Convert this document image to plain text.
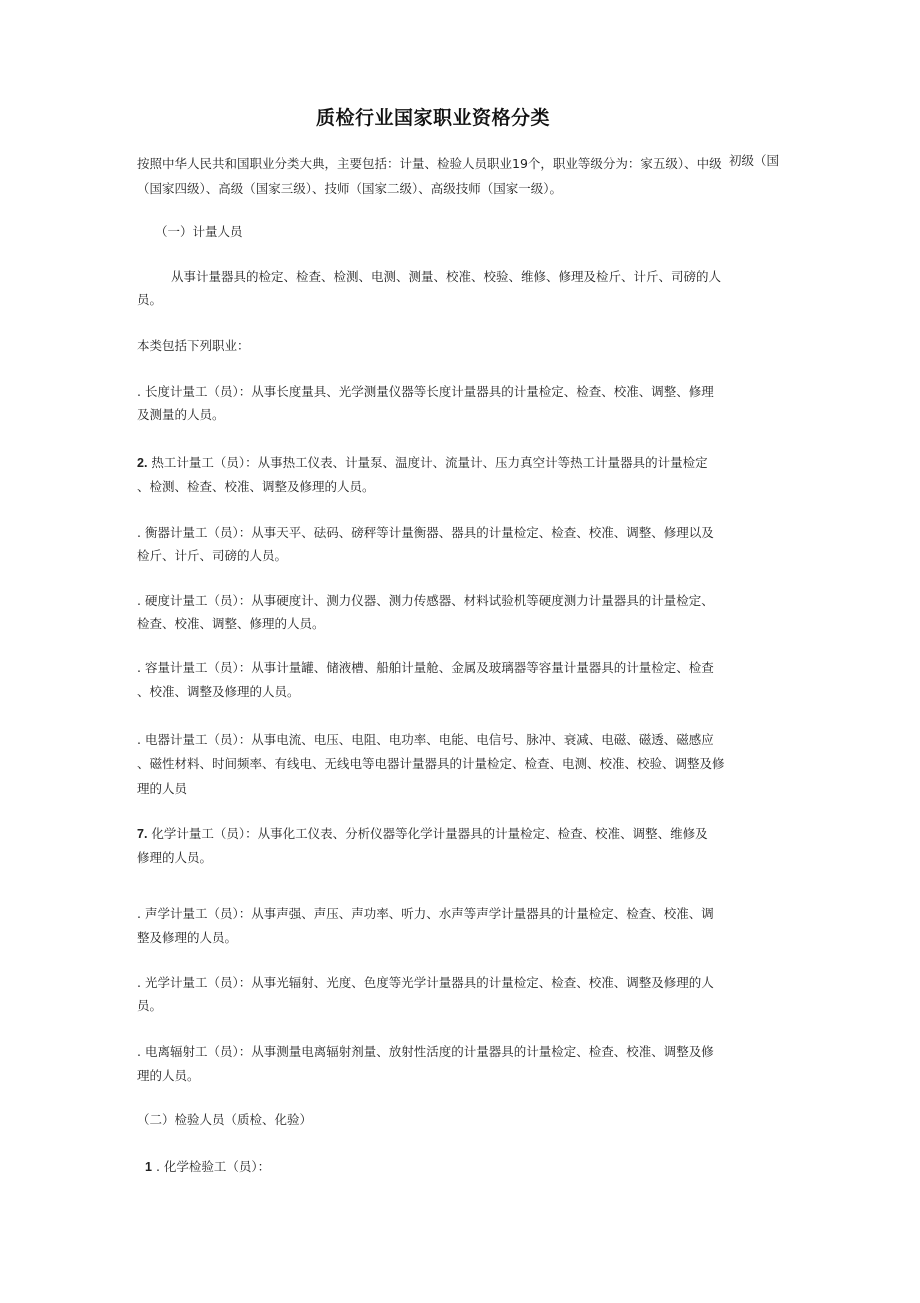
质检行业国家职业资格分类
按照中华人民共和国职业分类大典，主要包括：计量、检验人员职业19个，职业等级分为：家五级）、中级 初级（国
（国家四级）、高级（国家三级）、技师（国家二级）、高级技师（国家一级）。
（一）计量人员
从事计量器具的检定、检查、检测、电测、测量、校准、校验、维修、修理及检斤、计斤、司磅的人
员。
本类包括下列职业：
. 长度计量工（员）：从事长度量具、光学测量仪器等长度计量器具的计量检定、检查、校准、调整、修理
及测量的人员。
2. 热工计量工（员）：从事热工仪表、计量泵、温度计、流量计、压力真空计等热工计量器具的计量检定
、检测、检查、校准、调整及修理的人员。
. 衡器计量工（员）：从事天平、砝码、磅秤等计量衡器、器具的计量检定、检查、校准、调整、修理以及
检斤、计斤、司磅的人员。
. 硬度计量工（员）：从事硬度计、测力仪器、测力传感器、材料试验机等硬度测力计量器具的计量检定、
检查、校准、调整、修理的人员。
. 容量计量工（员）：从事计量罐、储液槽、船舶计量舱、金属及玻璃器等容量计量器具的计量检定、检查
、校准、调整及修理的人员。
. 电器计量工（员）：从事电流、电压、电阻、电功率、电能、电信号、脉冲、衰减、电磁、磁透、磁感应
、磁性材料、时间频率、有线电、无线电等电器计量器具的计量检定、检查、电测、校准、校验、调整及修
理的人员
7. 化学计量工（员）：从事化工仪表、分析仪器等化学计量器具的计量检定、检查、校准、调整、维修及
修理的人员。
. 声学计量工（员）：从事声强、声压、声功率、听力、水声等声学计量器具的计量检定、检查、校准、调
整及修理的人员。
. 光学计量工（员）：从事光辐射、光度、色度等光学计量器具的计量检定、检查、校准、调整及修理的人
员。
. 电离辐射工（员）：从事测量电离辐射剂量、放射性活度的计量器具的计量检定、检查、校准、调整及修
理的人员。
（二）检验人员（质检、化验）
1 . 化学检验工（员）：
